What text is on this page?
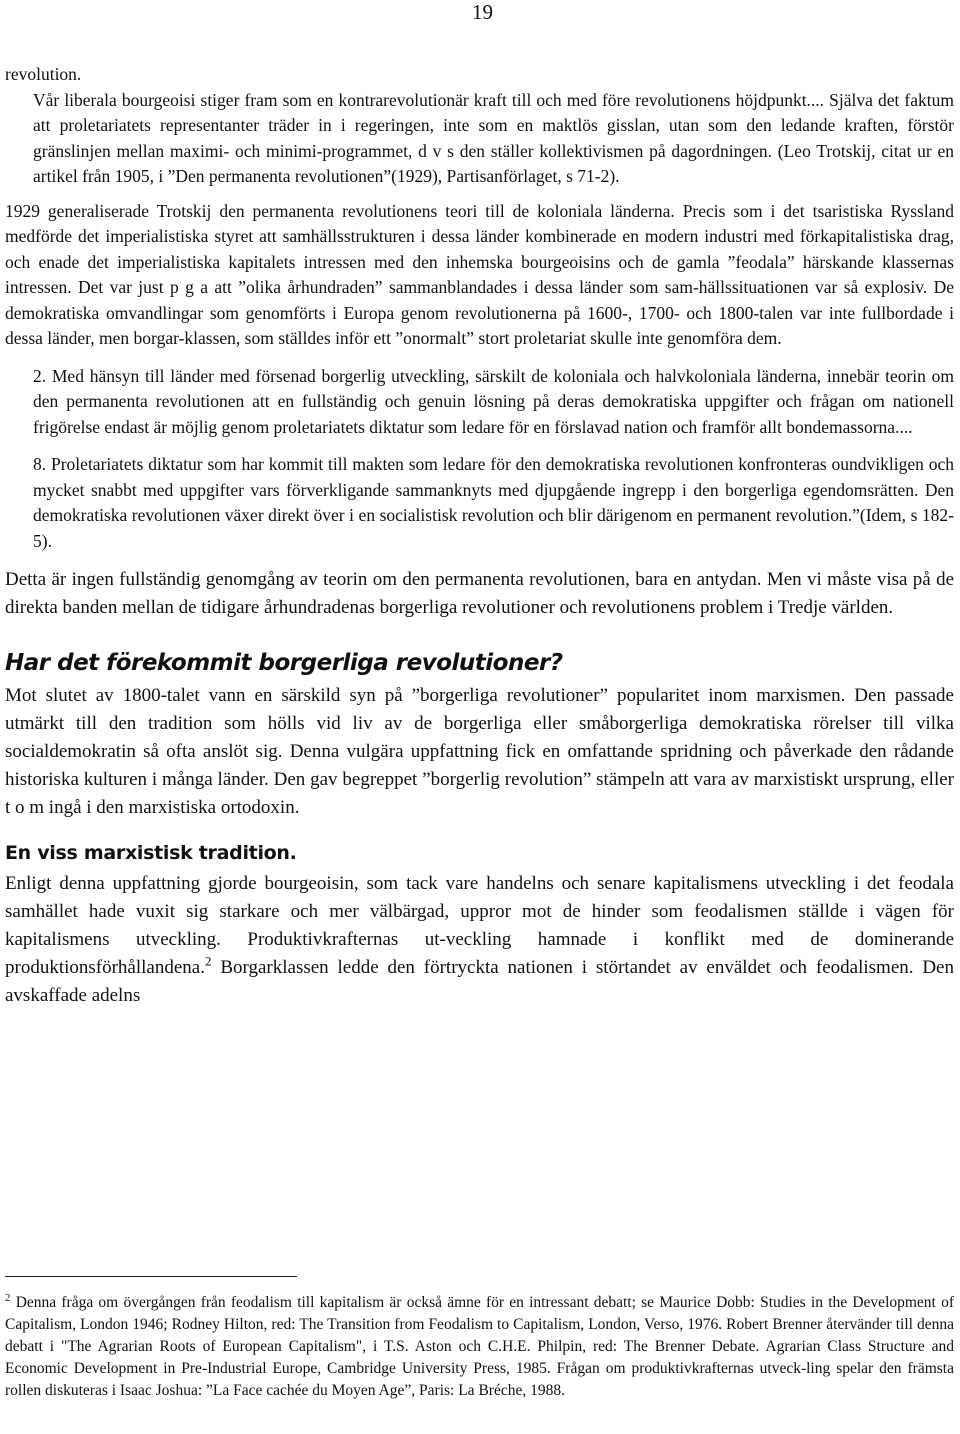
19

revolution.

Vår liberala bourgeoisi stiger fram som en kontrarevolutionär kraft till och med före revolutionens höjdpunkt.... Själva det faktum att proletariatets representanter träder in i regeringen, inte som en maktlös gisslan, utan som den ledande kraften, förstör gränslinjen mellan maximi- och minimi-programmet, d v s den ställer kollektivismen på dagordningen. (Leo Trotskij, citat ur en artikel från 1905, i ”Den permanenta revolutionen”(1929), Partisanförlaget, s 71-2).

1929 generaliserade Trotskij den permanenta revolutionens teori till de koloniala länderna. Precis som i det tsaristiska Ryssland medförde det imperialistiska styret att samhällsstrukturen i dessa länder kombinerade en modern industri med förkapitalistiska drag, och enade det imperialistiska kapitalets intressen med den inhemska bourgeoisins och de gamla ”feodala” härskande klassernas intressen. Det var just p g a att ”olika århundraden” sammanblandades i dessa länder som sam-hällssituationen var så explosiv. De demokratiska omvandlingar som genomförts i Europa genom revolutionerna på 1600-, 1700- och 1800-talen var inte fullbordade i dessa länder, men borgar-klassen, som ställdes inför ett ”onormalt” stort proletariat skulle inte genomföra dem.

2. Med hänsyn till länder med försenad borgerlig utveckling, särskilt de koloniala och halvkoloniala länderna, innebär teorin om den permanenta revolutionen att en fullständig och genuin lösning på deras demokratiska uppgifter och frågan om nationell frigörelse endast är möjlig genom proletariatets diktatur som ledare för en förslavad nation och framför allt bondemassorna....

8. Proletariatets diktatur som har kommit till makten som ledare för den demokratiska revolutionen konfronteras oundvikligen och mycket snabbt med uppgifter vars förverkligande sammanknyts med djupgående ingrepp i den borgerliga egendomsrätten. Den demokratiska revolutionen växer direkt över i en socialistisk revolution och blir därigenom en permanent revolution.”(Idem, s 182-5).

Detta är ingen fullständig genomgång av teorin om den permanenta revolutionen, bara en antydan. Men vi måste visa på de direkta banden mellan de tidigare århundradenas borgerliga revolutioner och revolutionens problem i Tredje världen.

Har det förekommit borgerliga revolutioner?

Mot slutet av 1800-talet vann en särskild syn på ”borgerliga revolutioner” popularitet inom marxismen. Den passade utmärkt till den tradition som hölls vid liv av de borgerliga eller småborgerliga demokratiska rörelser till vilka socialdemokratin så ofta anslöt sig. Denna vulgära uppfattning fick en omfattande spridning och påverkade den rådande historiska kulturen i många länder. Den gav begreppet ”borgerlig revolution” stämpeln att vara av marxistiskt ursprung, eller t o m ingå i den marxistiska ortodoxin.

En viss marxistisk tradition.

Enligt denna uppfattning gjorde bourgeoisin, som tack vare handelns och senare kapitalismens utveckling i det feodala samhället hade vuxit sig starkare och mer välbärgad, uppror mot de hinder som feodalismen ställde i vägen för kapitalismens utveckling. Produktivkrafternas ut-veckling hamnade i konflikt med de dominerande produktionsförhållandena.$^2$ Borgarklassen ledde den förtryckta nationen i störtandet av enväldet och feodalismen. Den avskaffade adelns

$^2$ Denna fråga om övergången från feodalism till kapitalism är också ämne för en intressant debatt; se Maurice Dobb: Studies in the Development of Capitalism, London 1946; Rodney Hilton, red: The Transition from Feodalism to Capitalism, London, Verso, 1976. Robert Brenner återvänder till denna debatt i "The Agrarian Roots of European Capitalism", i T.S. Aston och C.H.E. Philpin, red: The Brenner Debate. Agrarian Class Structure and Economic Development in Pre-Industrial Europe, Cambridge University Press, 1985. Frågan om produktivkrafternas utveck-ling spelar den främsta rollen diskuteras i Isaac Joshua: ”La Face cachée du Moyen Age”, Paris: La Bréche, 1988.
